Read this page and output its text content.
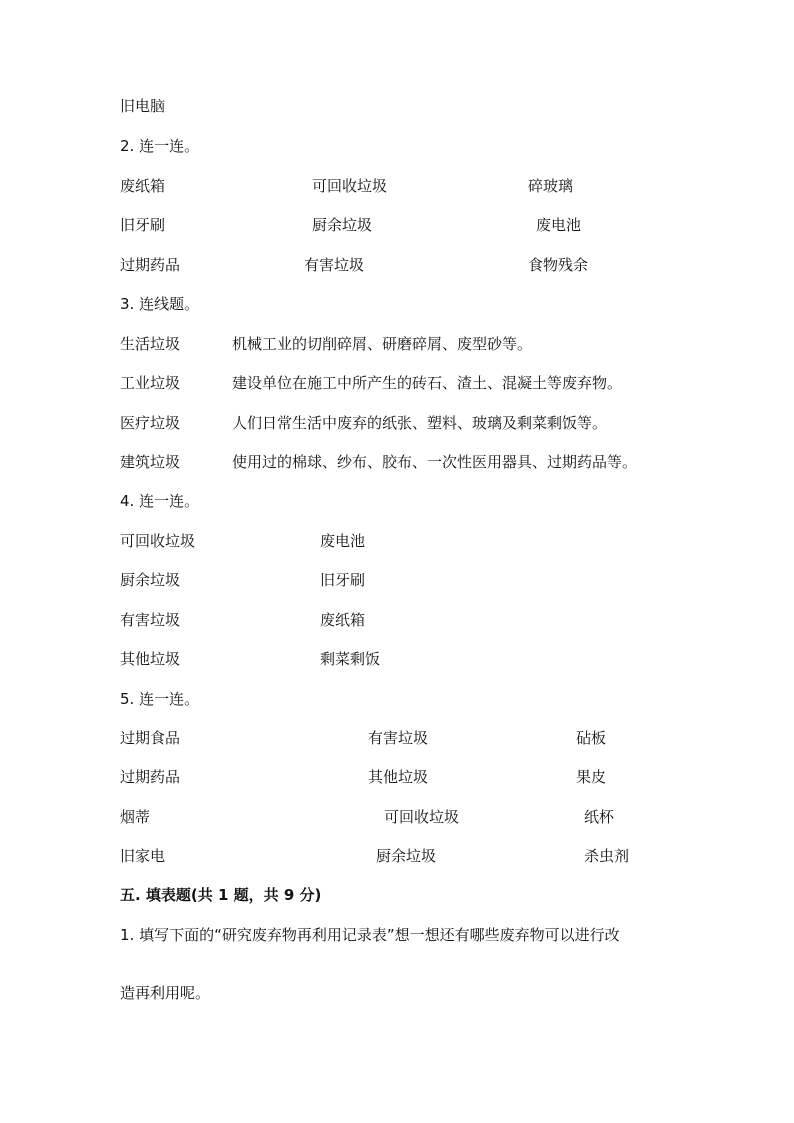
旧电脑
2. 连一连。
废纸箱	可回收垃圾	碎玻璃
旧牙刷	厨余垃圾	废电池
过期药品	有害垃圾	食物残余
3. 连线题。
生活垃圾	机械工业的切削碎屑、研磨碎屑、废型砂等。
工业垃圾	建设单位在施工中所产生的砖石、渣土、混凝土等废弃物。
医疗垃圾	人们日常生活中废弃的纸张、塑料、玻璃及剩菜剩饭等。
建筑垃圾	使用过的棉球、纱布、胶布、一次性医用器具、过期药品等。
4. 连一连。
可回收垃圾	废电池
厨余垃圾	旧牙刷
有害垃圾	废纸箱
其他垃圾	剩菜剩饭
5. 连一连。
过期食品	有害垃圾	砧板
过期药品	其他垃圾	果皮
烟蒂	可回收垃圾	纸杯
旧家电	厨余垃圾	杀虫剂
五. 填表题(共 1 题，共 9 分)
1. 填写下面的“研究废弃物再利用记录表”想一想还有哪些废弃物可以进行改
造再利用呢。
